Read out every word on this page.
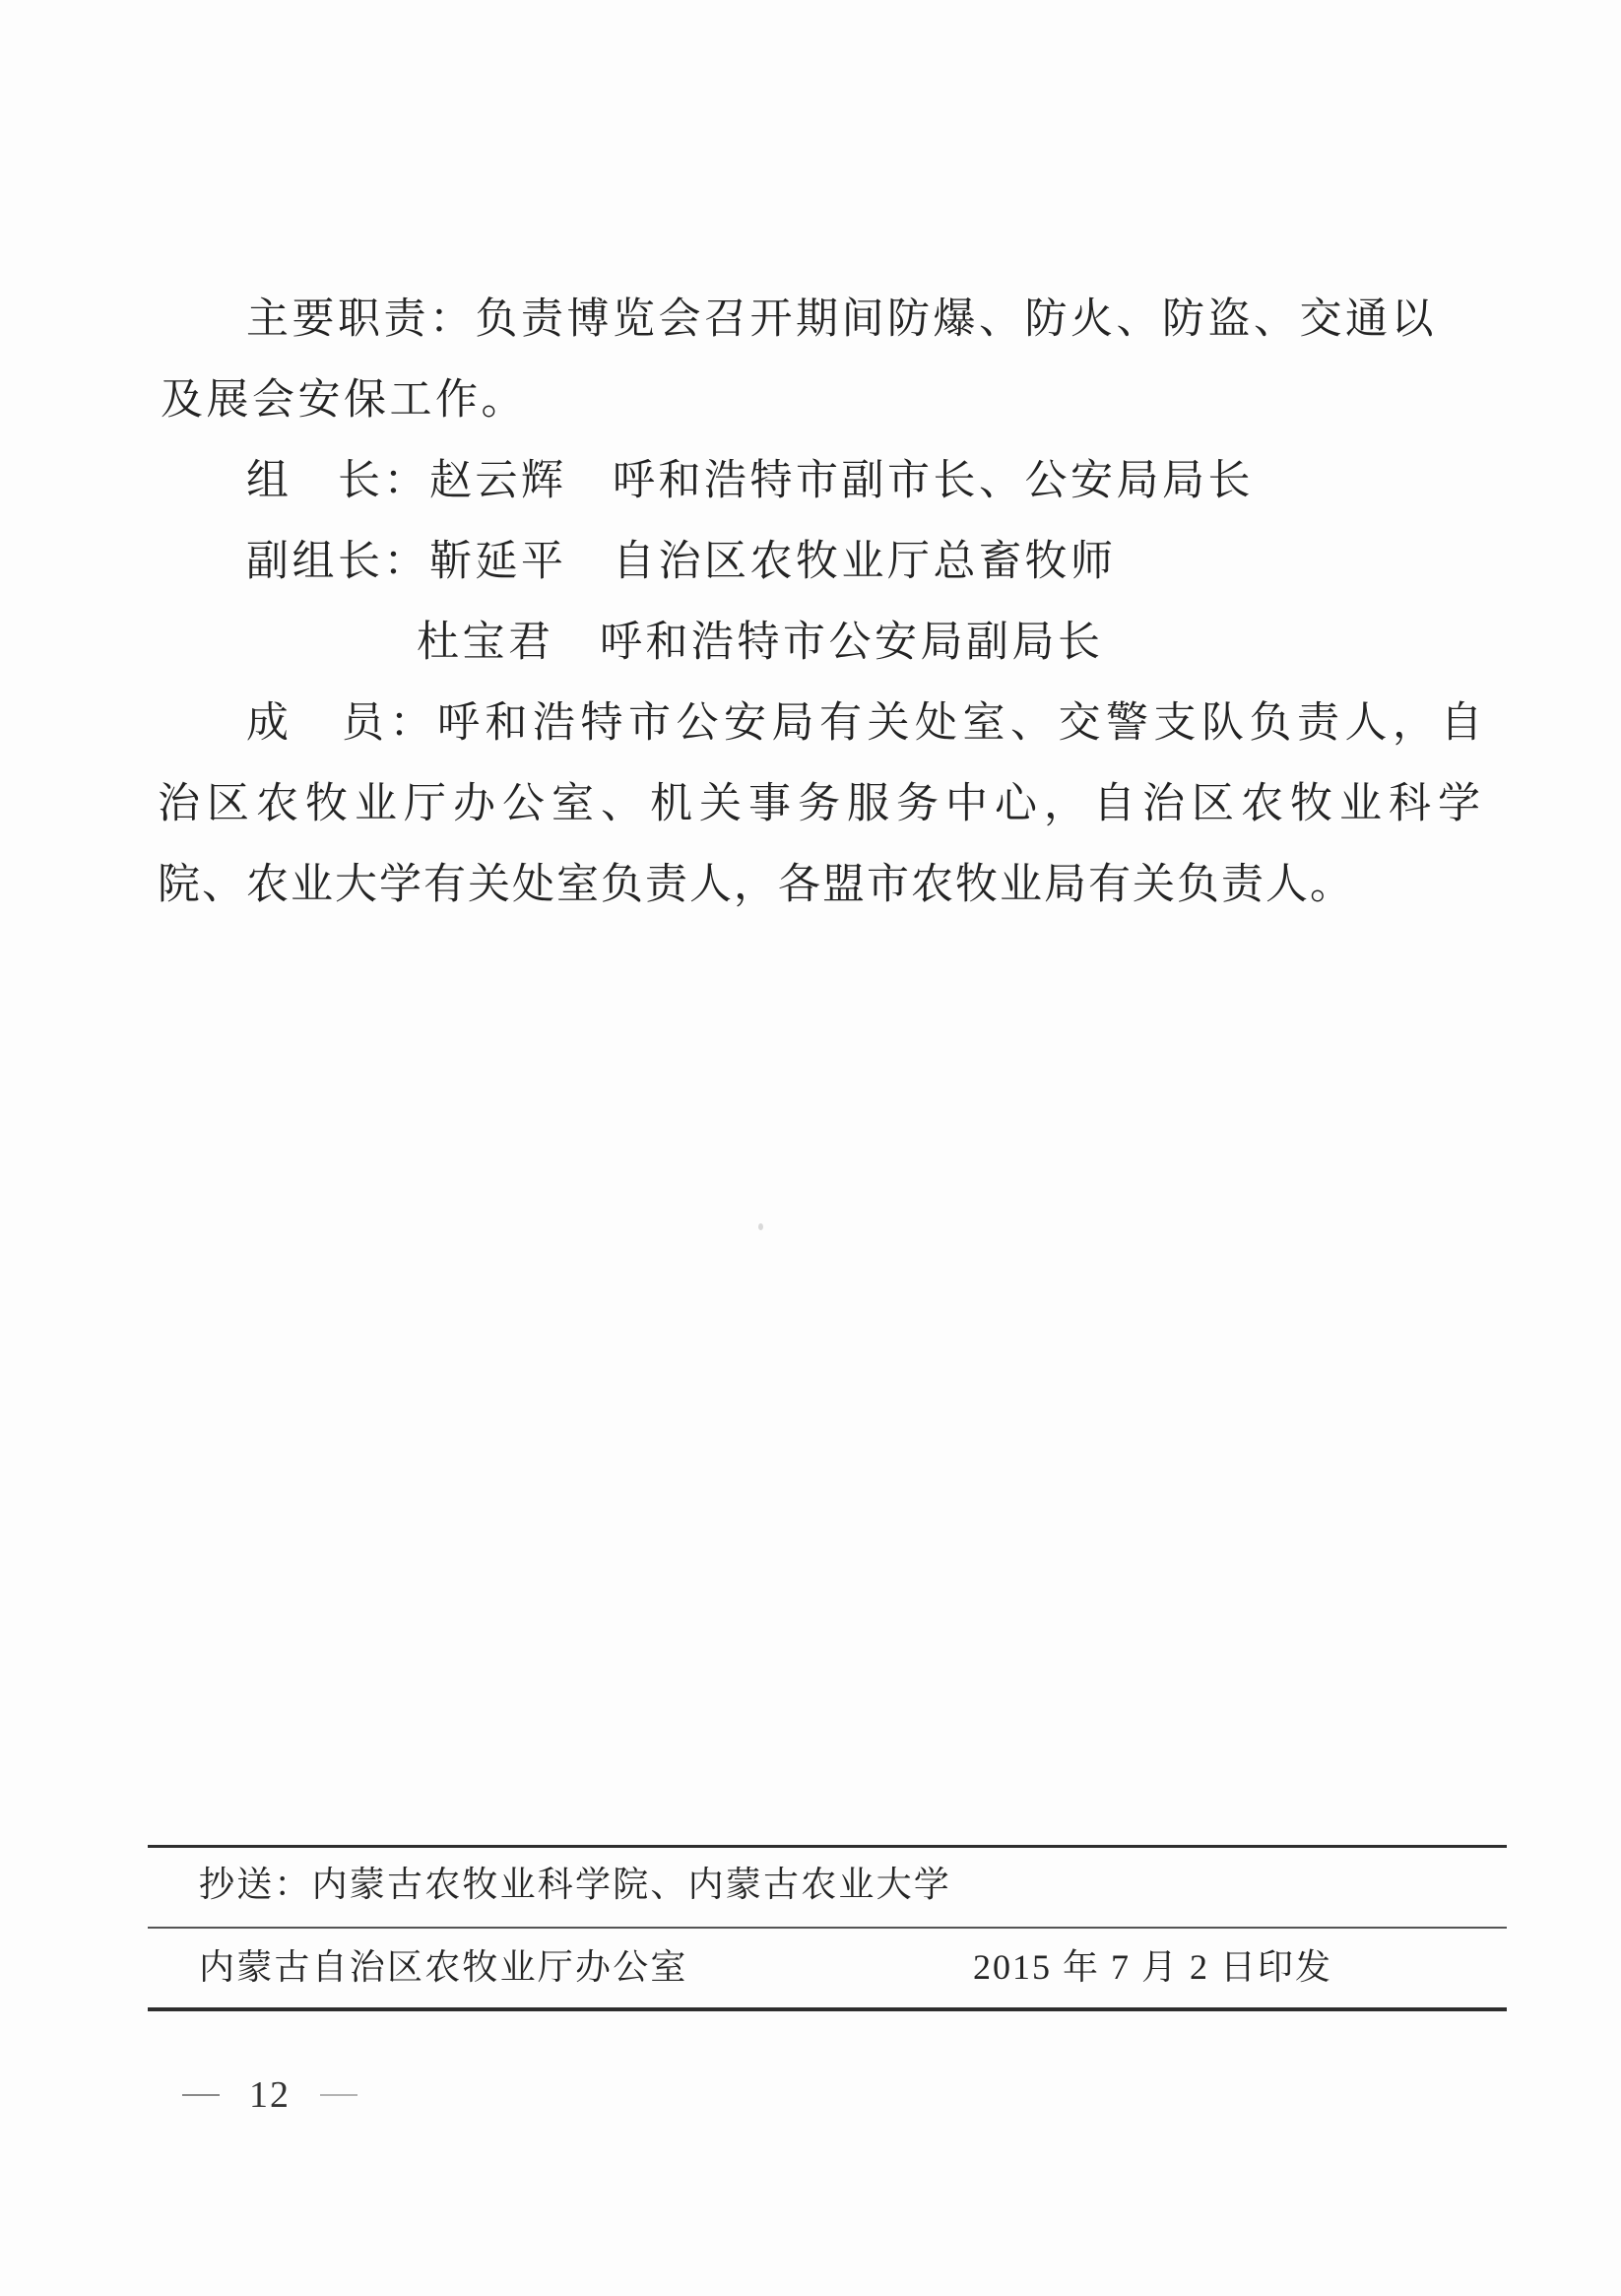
主要职责：负责博览会召开期间防爆、防火、防盗、交通以
及展会安保工作。
组　长：赵云辉　呼和浩特市副市长、公安局局长
副组长：靳延平　自治区农牧业厅总畜牧师
杜宝君　呼和浩特市公安局副局长
成　员：呼和浩特市公安局有关处室、交警支队负责人，自
治区农牧业厅办公室、机关事务服务中心，自治区农牧业科学
院、农业大学有关处室负责人，各盟市农牧业局有关负责人。
抄送：内蒙古农牧业科学院、内蒙古农业大学
内蒙古自治区农牧业厅办公室	2015 年 7 月 2 日印发
12
